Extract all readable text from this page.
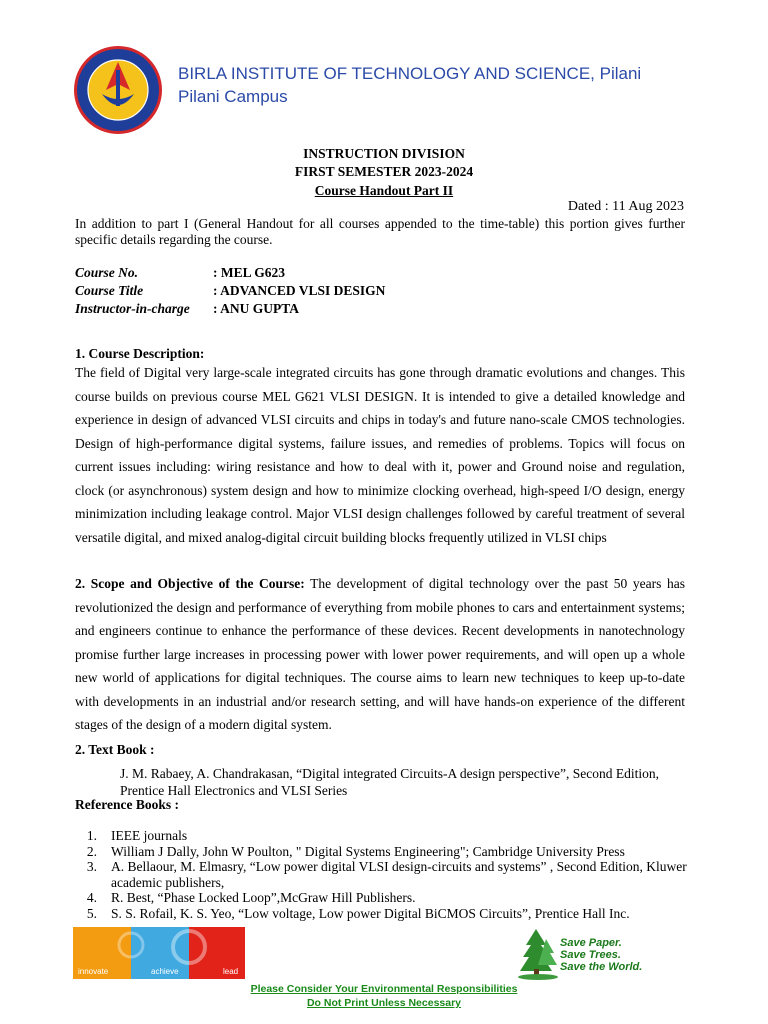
BIRLA INSTITUTE OF TECHNOLOGY AND SCIENCE, Pilani
Pilani Campus
INSTRUCTION DIVISION
FIRST SEMESTER 2023-2024
Course Handout Part II
Dated : 11 Aug 2023
In addition to part I (General Handout for all courses appended to the time-table) this portion gives further specific details regarding the course.
Course No.	: MEL G623
Course Title	: ADVANCED VLSI DESIGN
Instructor-in-charge : ANU GUPTA
1. Course Description:
The field of Digital very large-scale integrated circuits has gone through dramatic evolutions and changes. This course builds on previous course MEL G621 VLSI DESIGN. It is intended to give a detailed knowledge and experience in design of advanced VLSI circuits and chips in today's and future nano-scale CMOS technologies. Design of high-performance digital systems, failure issues, and remedies of problems. Topics will focus on current issues including: wiring resistance and how to deal with it, power and Ground noise and regulation, clock (or asynchronous) system design and how to minimize clocking overhead, high-speed I/O design, energy minimization including leakage control. Major VLSI design challenges followed by careful treatment of several versatile digital, and mixed analog-digital circuit building blocks frequently utilized in VLSI chips
2. Scope and Objective of the Course: The development of digital technology over the past 50 years has revolutionized the design and performance of everything from mobile phones to cars and entertainment systems; and engineers continue to enhance the performance of these devices. Recent developments in nanotechnology promise further large increases in processing power with lower power requirements, and will open up a whole new world of applications for digital techniques. The course aims to learn new techniques to keep up-to-date with developments in an industrial and/or research setting, and will have hands-on experience of the different stages of the design of a modern digital system.
2. Text Book :
J. M. Rabaey, A. Chandrakasan, “Digital integrated Circuits-A design perspective”, Second Edition, Prentice Hall Electronics and VLSI Series
Reference Books :
1. IEEE journals
2. William J Dally, John W Poulton, " Digital Systems Engineering"; Cambridge University Press
3. A. Bellaour, M. Elmasry, “Low power digital VLSI design-circuits and systems” , Second Edition, Kluwer academic publishers,
4. R. Best, “Phase Locked Loop”,McGraw Hill Publishers.
5. S. S. Rofail, K. S. Yeo, “Low voltage, Low power Digital BiCMOS Circuits”, Prentice Hall Inc.
innovate	achieve	lead
Save Paper.
Save Trees.
Save the World.
Please Consider Your Environmental Responsibilities
Do Not Print Unless Necessary
